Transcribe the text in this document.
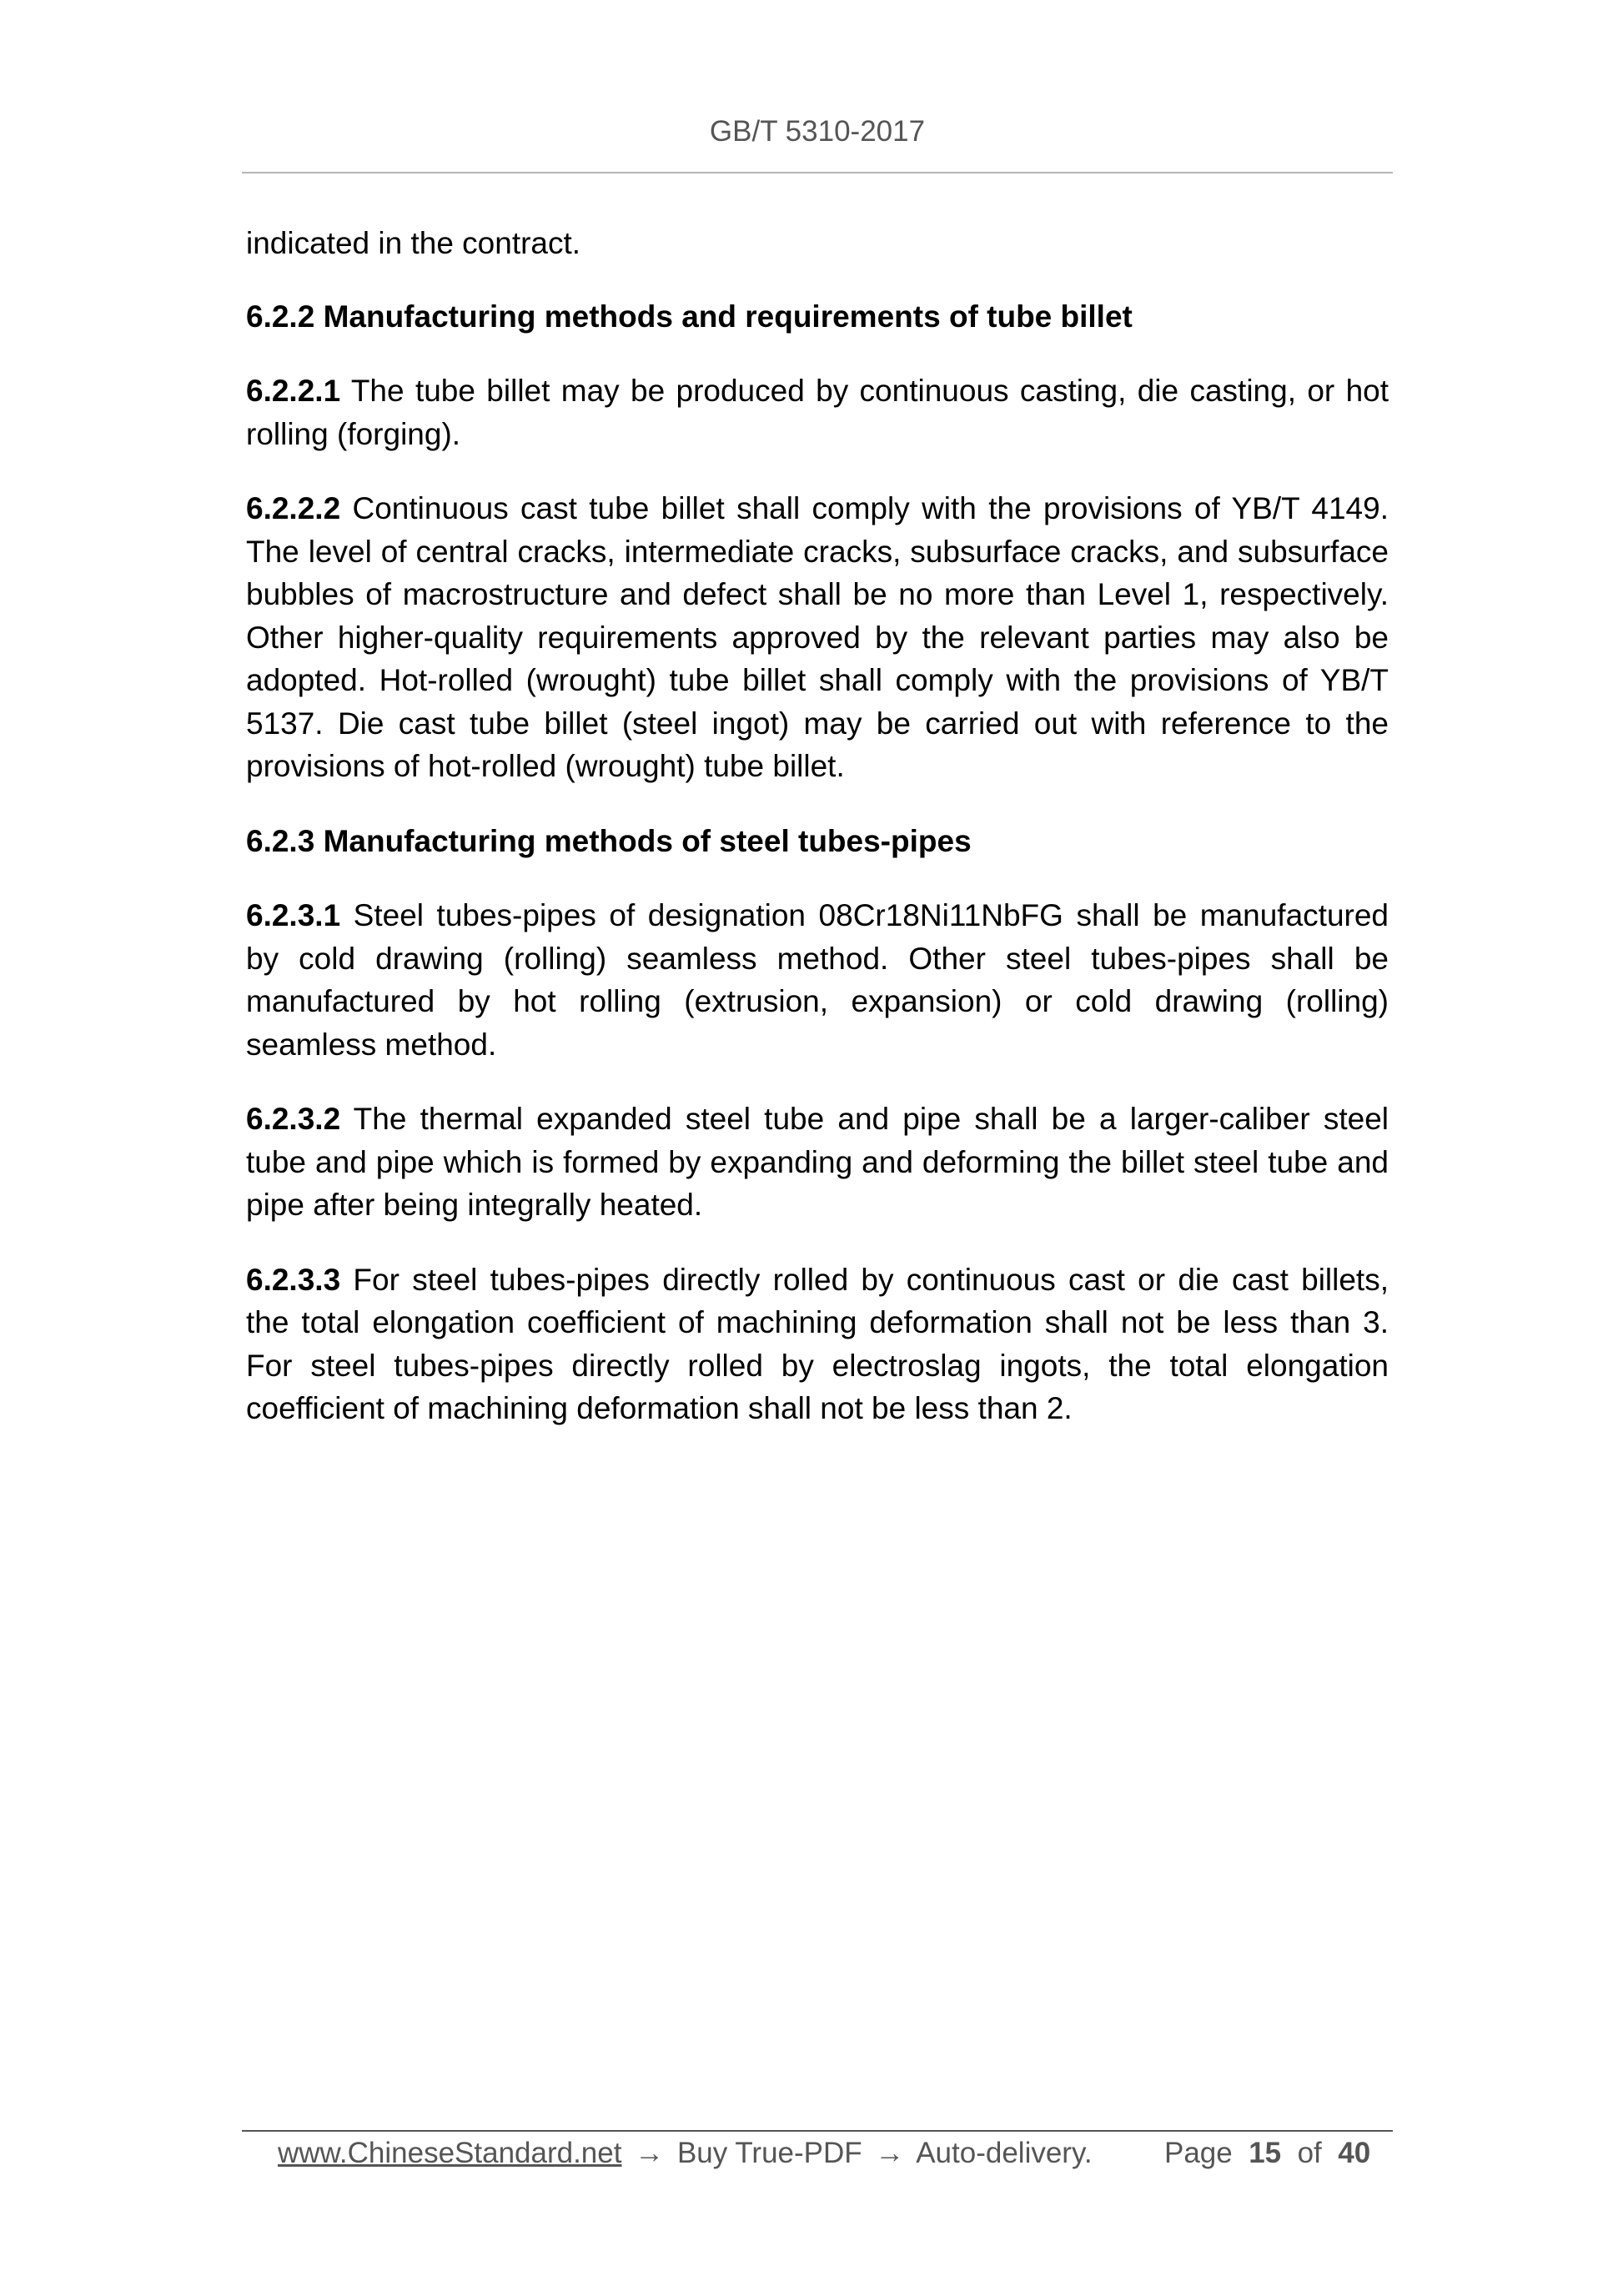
GB/T 5310-2017

indicated in the contract.

6.2.2 Manufacturing methods and requirements of tube billet

6.2.2.1 The tube billet may be produced by continuous casting, die casting, or hot rolling (forging).

6.2.2.2 Continuous cast tube billet shall comply with the provisions of YB/T 4149. The level of central cracks, intermediate cracks, subsurface cracks, and subsurface bubbles of macrostructure and defect shall be no more than Level 1, respectively. Other higher-quality requirements approved by the relevant parties may also be adopted. Hot-rolled (wrought) tube billet shall comply with the provisions of YB/T 5137. Die cast tube billet (steel ingot) may be carried out with reference to the provisions of hot-rolled (wrought) tube billet.

6.2.3 Manufacturing methods of steel tubes-pipes

6.2.3.1 Steel tubes-pipes of designation 08Cr18Ni11NbFG shall be manufactured by cold drawing (rolling) seamless method. Other steel tubes-pipes shall be manufactured by hot rolling (extrusion, expansion) or cold drawing (rolling) seamless method.

6.2.3.2 The thermal expanded steel tube and pipe shall be a larger-caliber steel tube and pipe which is formed by expanding and deforming the billet steel tube and pipe after being integrally heated.

6.2.3.3 For steel tubes-pipes directly rolled by continuous cast or die cast billets, the total elongation coefficient of machining deformation shall not be less than 3. For steel tubes-pipes directly rolled by electroslag ingots, the total elongation coefficient of machining deformation shall not be less than 2.

www.ChineseStandard.net → Buy True-PDF → Auto-delivery. Page 15 of 40
